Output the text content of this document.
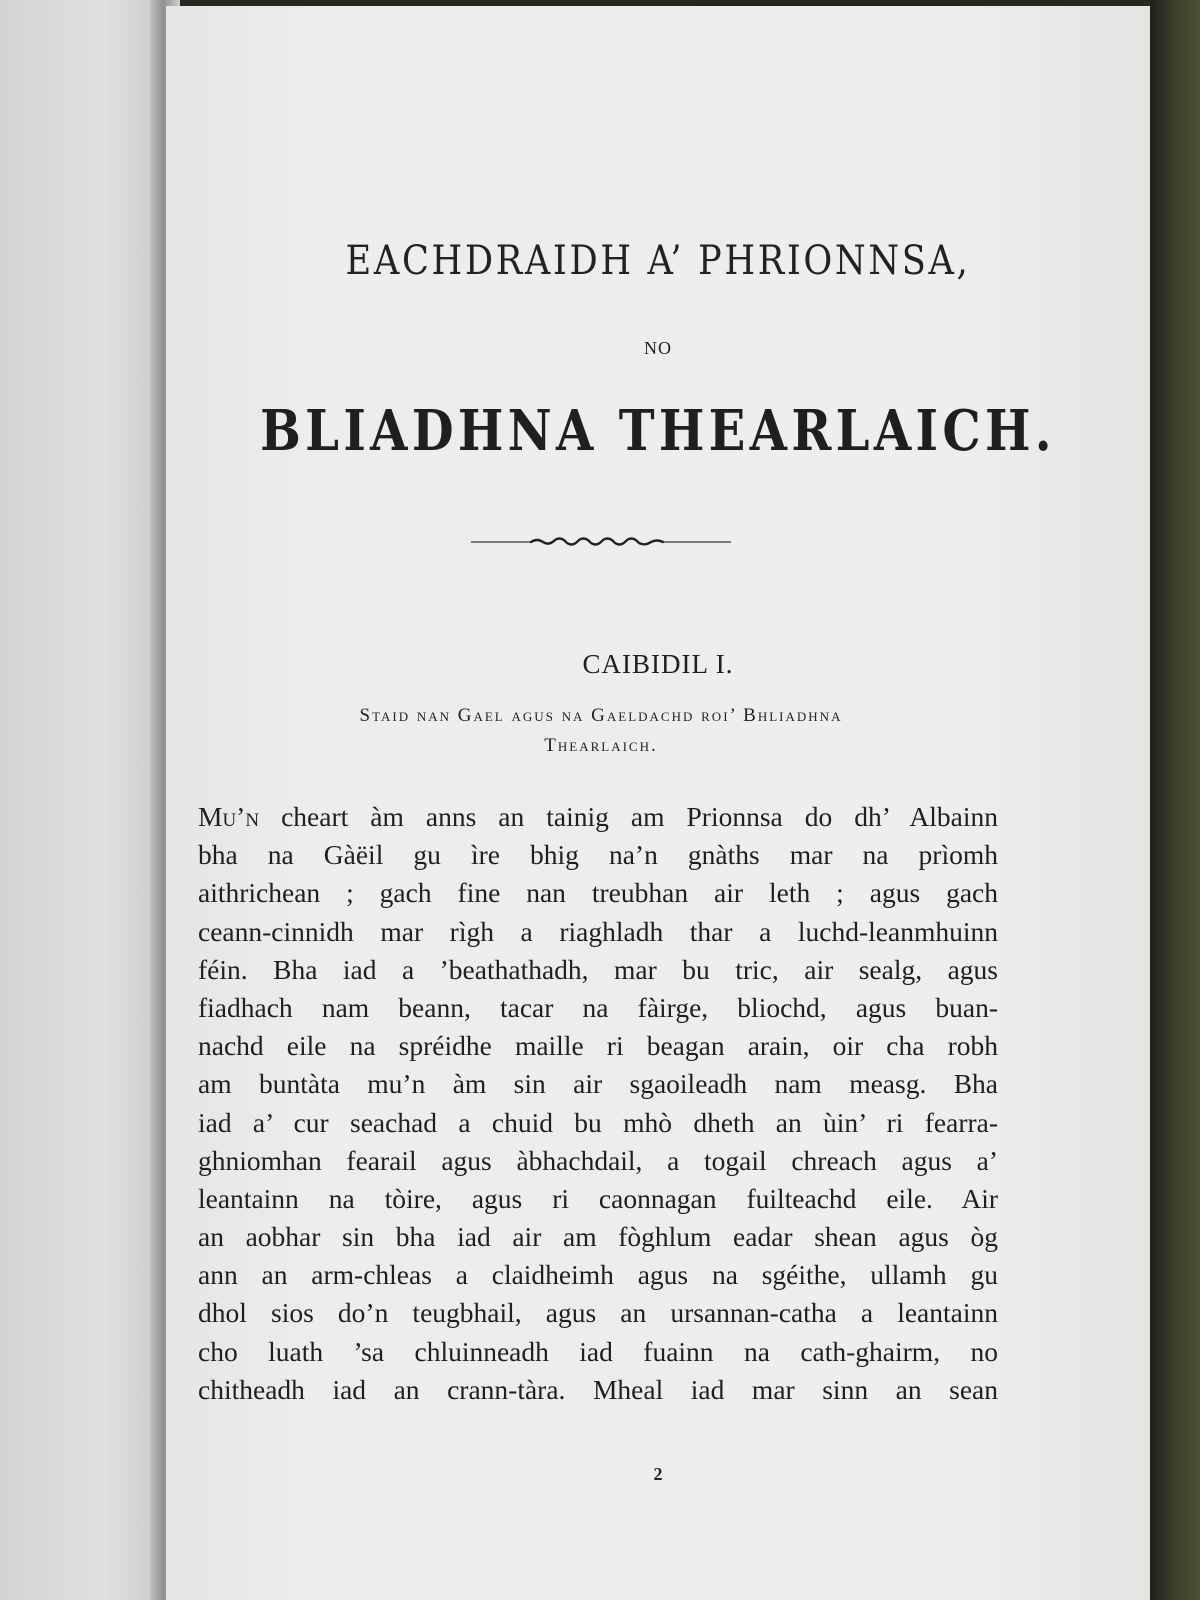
EACHDRAIDH A’ PHRIONNSA,
NO
BLIADHNA THEARLAICH.
CAIBIDIL I.
Staid nan Gael agus na Gaeldachd roi’ Bhliadhna
Thearlaich.
Mu’n cheart àm anns an tainig am Prionnsa do dh’ Albainn
bha na Gàëil gu ìre bhig na’n gnàths mar na prìomh
aithrichean ; gach fine nan treubhan air leth ; agus gach
ceann-cinnidh mar rìgh a riaghladh thar a luchd-leanmhuinn
féin. Bha iad a ’beathathadh, mar bu tric, air sealg, agus
fiadhach nam beann, tacar na fàirge, bliochd, agus buan-
nachd eile na spréidhe maille ri beagan arain, oir cha robh
am buntàta mu’n àm sin air sgaoileadh nam measg. Bha
iad a’ cur seachad a chuid bu mhò dheth an ùin’ ri fearra-
ghniomhan fearail agus àbhachdail, a togail chreach agus a’
leantainn na tòire, agus ri caonnagan fuilteachd eile. Air
an aobhar sin bha iad air am fòghlum eadar shean agus òg
ann an arm-chleas a claidheimh agus na sgéithe, ullamh gu
dhol sios do’n teugbhail, agus an ursannan-catha a leantainn
cho luath ’sa chluinneadh iad fuainn na cath-ghairm, no
chitheadh iad an crann-tàra. Mheal iad mar sinn an sean
2
